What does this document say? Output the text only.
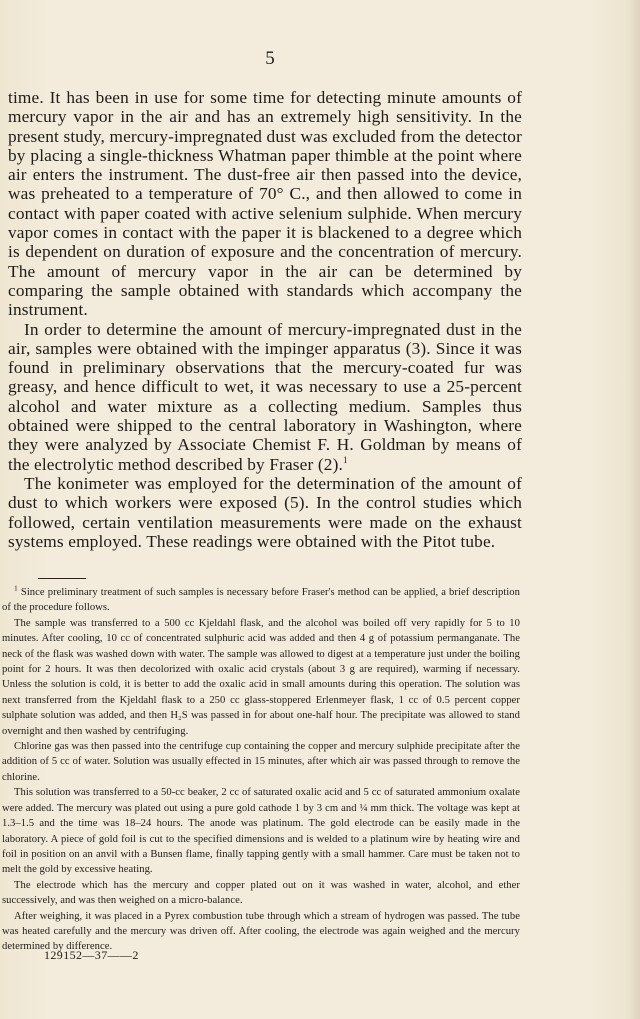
5

time. It has been in use for some time for detecting minute amounts of mercury vapor in the air and has an extremely high sensitivity. In the present study, mercury-impregnated dust was excluded from the detector by placing a single-thickness Whatman paper thimble at the point where air enters the instrument. The dust-free air then passed into the device, was preheated to a temperature of 70° C., and then allowed to come in contact with paper coated with active selenium sulphide. When mercury vapor comes in contact with the paper it is blackened to a degree which is dependent on duration of exposure and the concentration of mercury. The amount of mercury vapor in the air can be determined by comparing the sample obtained with standards which accompany the instrument.

In order to determine the amount of mercury-impregnated dust in the air, samples were obtained with the impinger apparatus (3). Since it was found in preliminary observations that the mercury-coated fur was greasy, and hence difficult to wet, it was necessary to use a 25-percent alcohol and water mixture as a collecting medium. Samples thus obtained were shipped to the central laboratory in Washington, where they were analyzed by Associate Chemist F. H. Goldman by means of the electrolytic method described by Fraser (2).$^1$

The konimeter was employed for the determination of the amount of dust to which workers were exposed (5). In the control studies which followed, certain ventilation measurements were made on the exhaust systems employed. These readings were obtained with the Pitot tube.

$^1$ Since preliminary treatment of such samples is necessary before Fraser's method can be applied, a brief description of the procedure follows.

The sample was transferred to a 500 cc Kjeldahl flask, and the alcohol was boiled off very rapidly for 5 to 10 minutes. After cooling, 10 cc of concentrated sulphuric acid was added and then 4 g of potassium permanganate. The neck of the flask was washed down with water. The sample was allowed to digest at a temperature just under the boiling point for 2 hours. It was then decolorized with oxalic acid crystals (about 3 g are required), warming if necessary. Unless the solution is cold, it is better to add the oxalic acid in small amounts during this operation. The solution was next transferred from the Kjeldahl flask to a 250 cc glass-stoppered Erlenmeyer flask, 1 cc of 0.5 percent copper sulphate solution was added, and then H₂S was passed in for about one-half hour. The precipitate was allowed to stand overnight and then washed by centrifuging.

Chlorine gas was then passed into the centrifuge cup containing the copper and mercury sulphide precipitate after the addition of 5 cc of water. Solution was usually effected in 15 minutes, after which air was passed through to remove the chlorine.

This solution was transferred to a 50-cc beaker, 2 cc of saturated oxalic acid and 5 cc of saturated ammonium oxalate were added. The mercury was plated out using a pure gold cathode 1 by 3 cm and ¼ mm thick. The voltage was kept at 1.3–1.5 and the time was 18–24 hours. The anode was platinum. The gold electrode can be easily made in the laboratory. A piece of gold foil is cut to the specified dimensions and is welded to a platinum wire by heating wire and foil in position on an anvil with a Bunsen flame, finally tapping gently with a small hammer. Care must be taken not to melt the gold by excessive heating.

The electrode which has the mercury and copper plated out on it was washed in water, alcohol, and ether successively, and was then weighed on a micro-balance.

After weighing, it was placed in a Pyrex combustion tube through which a stream of hydrogen was passed. The tube was heated carefully and the mercury was driven off. After cooling, the electrode was again weighed and the mercury determined by difference.

129152—37——2
